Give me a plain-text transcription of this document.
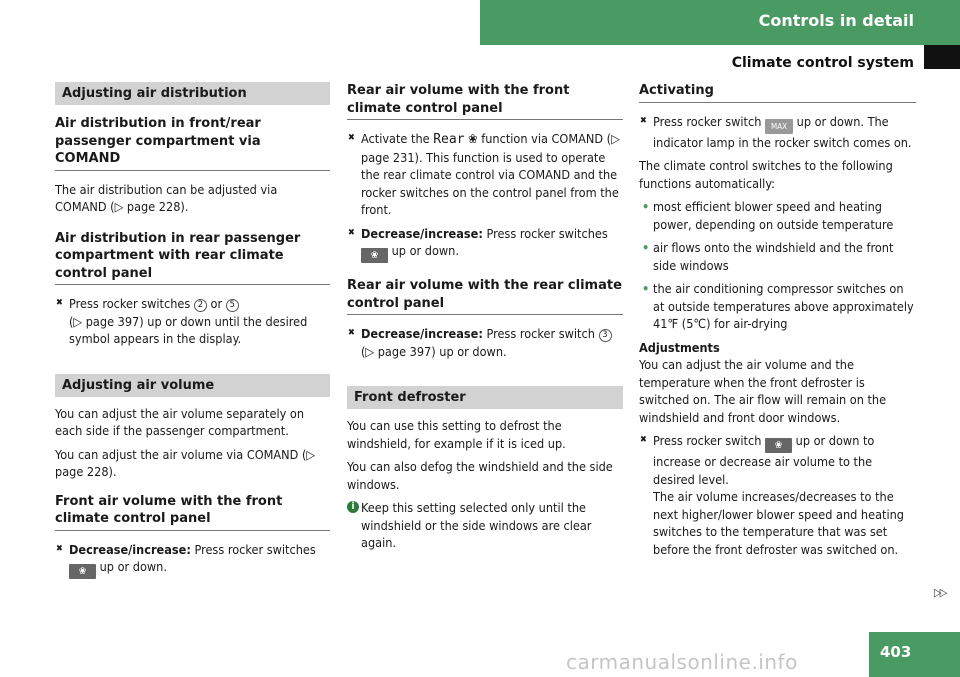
Controls in detail
Climate control system
Adjusting air distribution
Air distribution in front/rear passenger compartment via COMAND

The air distribution can be adjusted via COMAND (▷ page 228).

Air distribution in rear passenger compartment with rear climate control panel
✖ Press rocker switches 2 or 5
(▷ page 397) up or down until the desired symbol appears in the display.
Adjusting air volume

You can adjust the air volume separately on each side if the passenger compartment.

You can adjust the air volume via COMAND (▷ page 228).

Front air volume with the front climate control panel
✖ Decrease/increase: Press rocker switches ❀ up or down.
Rear air volume with the front climate control panel
✖ Activate the Rear ❀ function via COMAND (▷ page 231). This function is used to operate the rear climate control via COMAND and the rocker switches on the control panel from the front.
✖ Decrease/increase: Press rocker switches ❀ up or down.
Rear air volume with the rear climate control panel
✖ Decrease/increase: Press rocker switch 3 (▷ page 397) up or down.
Front defroster

You can use this setting to defrost the windshield, for example if it is iced up.

You can also defog the windshield and the side windows.

i Keep this setting selected only until the windshield or the side windows are clear again.
Activating
✖ Press rocker switch MAX up or down. The indicator lamp in the rocker switch comes on.

The climate control switches to the following functions automatically:

• most efficient blower speed and heating power, depending on outside temperature
• air flows onto the windshield and the front side windows
• the air conditioning compressor switches on at outside temperatures above approximately 41℉ (5℃) for air-drying

Adjustments

You can adjust the air volume and the temperature when the front defroster is switched on. The air flow will remain on the windshield and front door windows.

✖ Press rocker switch ❀ up or down to increase or decrease air volume to the desired level.
The air volume increases/decreases to the next higher/lower blower speed and heating switches to the temperature that was set before the front defroster was switched on.
▷▷
403
carmanualsonline.info
